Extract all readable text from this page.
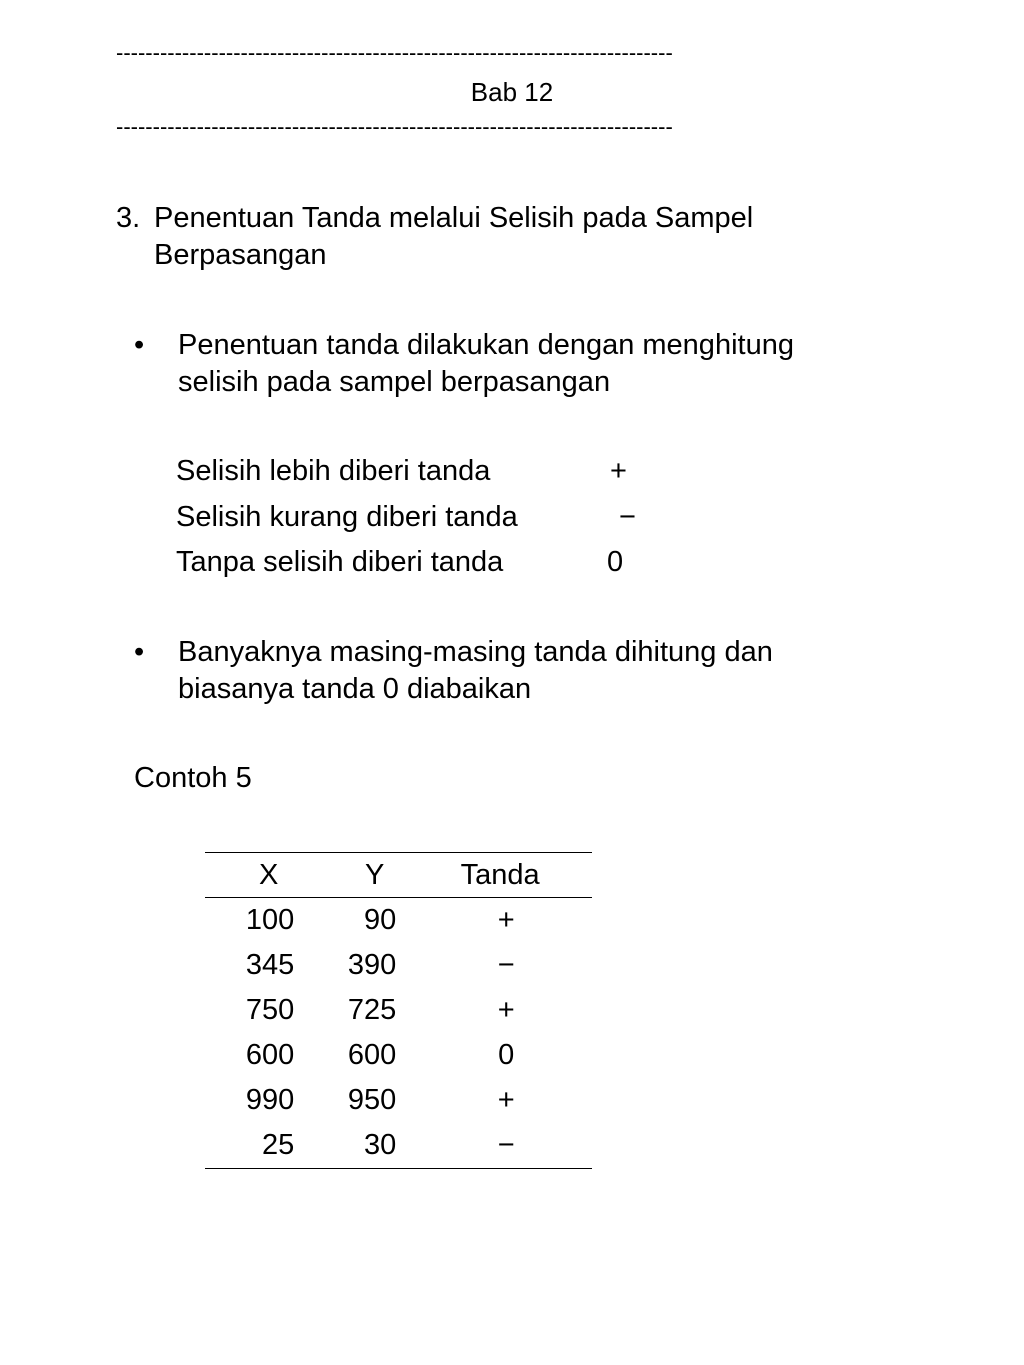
----------------------------------------------------------------------------
Bab 12
----------------------------------------------------------------------------
3. Penentuan Tanda melalui Selisih pada Sampel
Berpasangan
• Penentuan tanda dilakukan dengan menghitung
selisih pada sampel berpasangan
Selisih lebih diberi tanda	+
Selisih kurang diberi tanda	−
Tanpa selisih diberi tanda	0
• Banyaknya masing-masing tanda dihitung dan
biasanya tanda 0 diabaikan
Contoh 5
X	Y	Tanda
100	90	+
345	390	−
750	725	+
600	600	0
990	950	+
25	30	−
